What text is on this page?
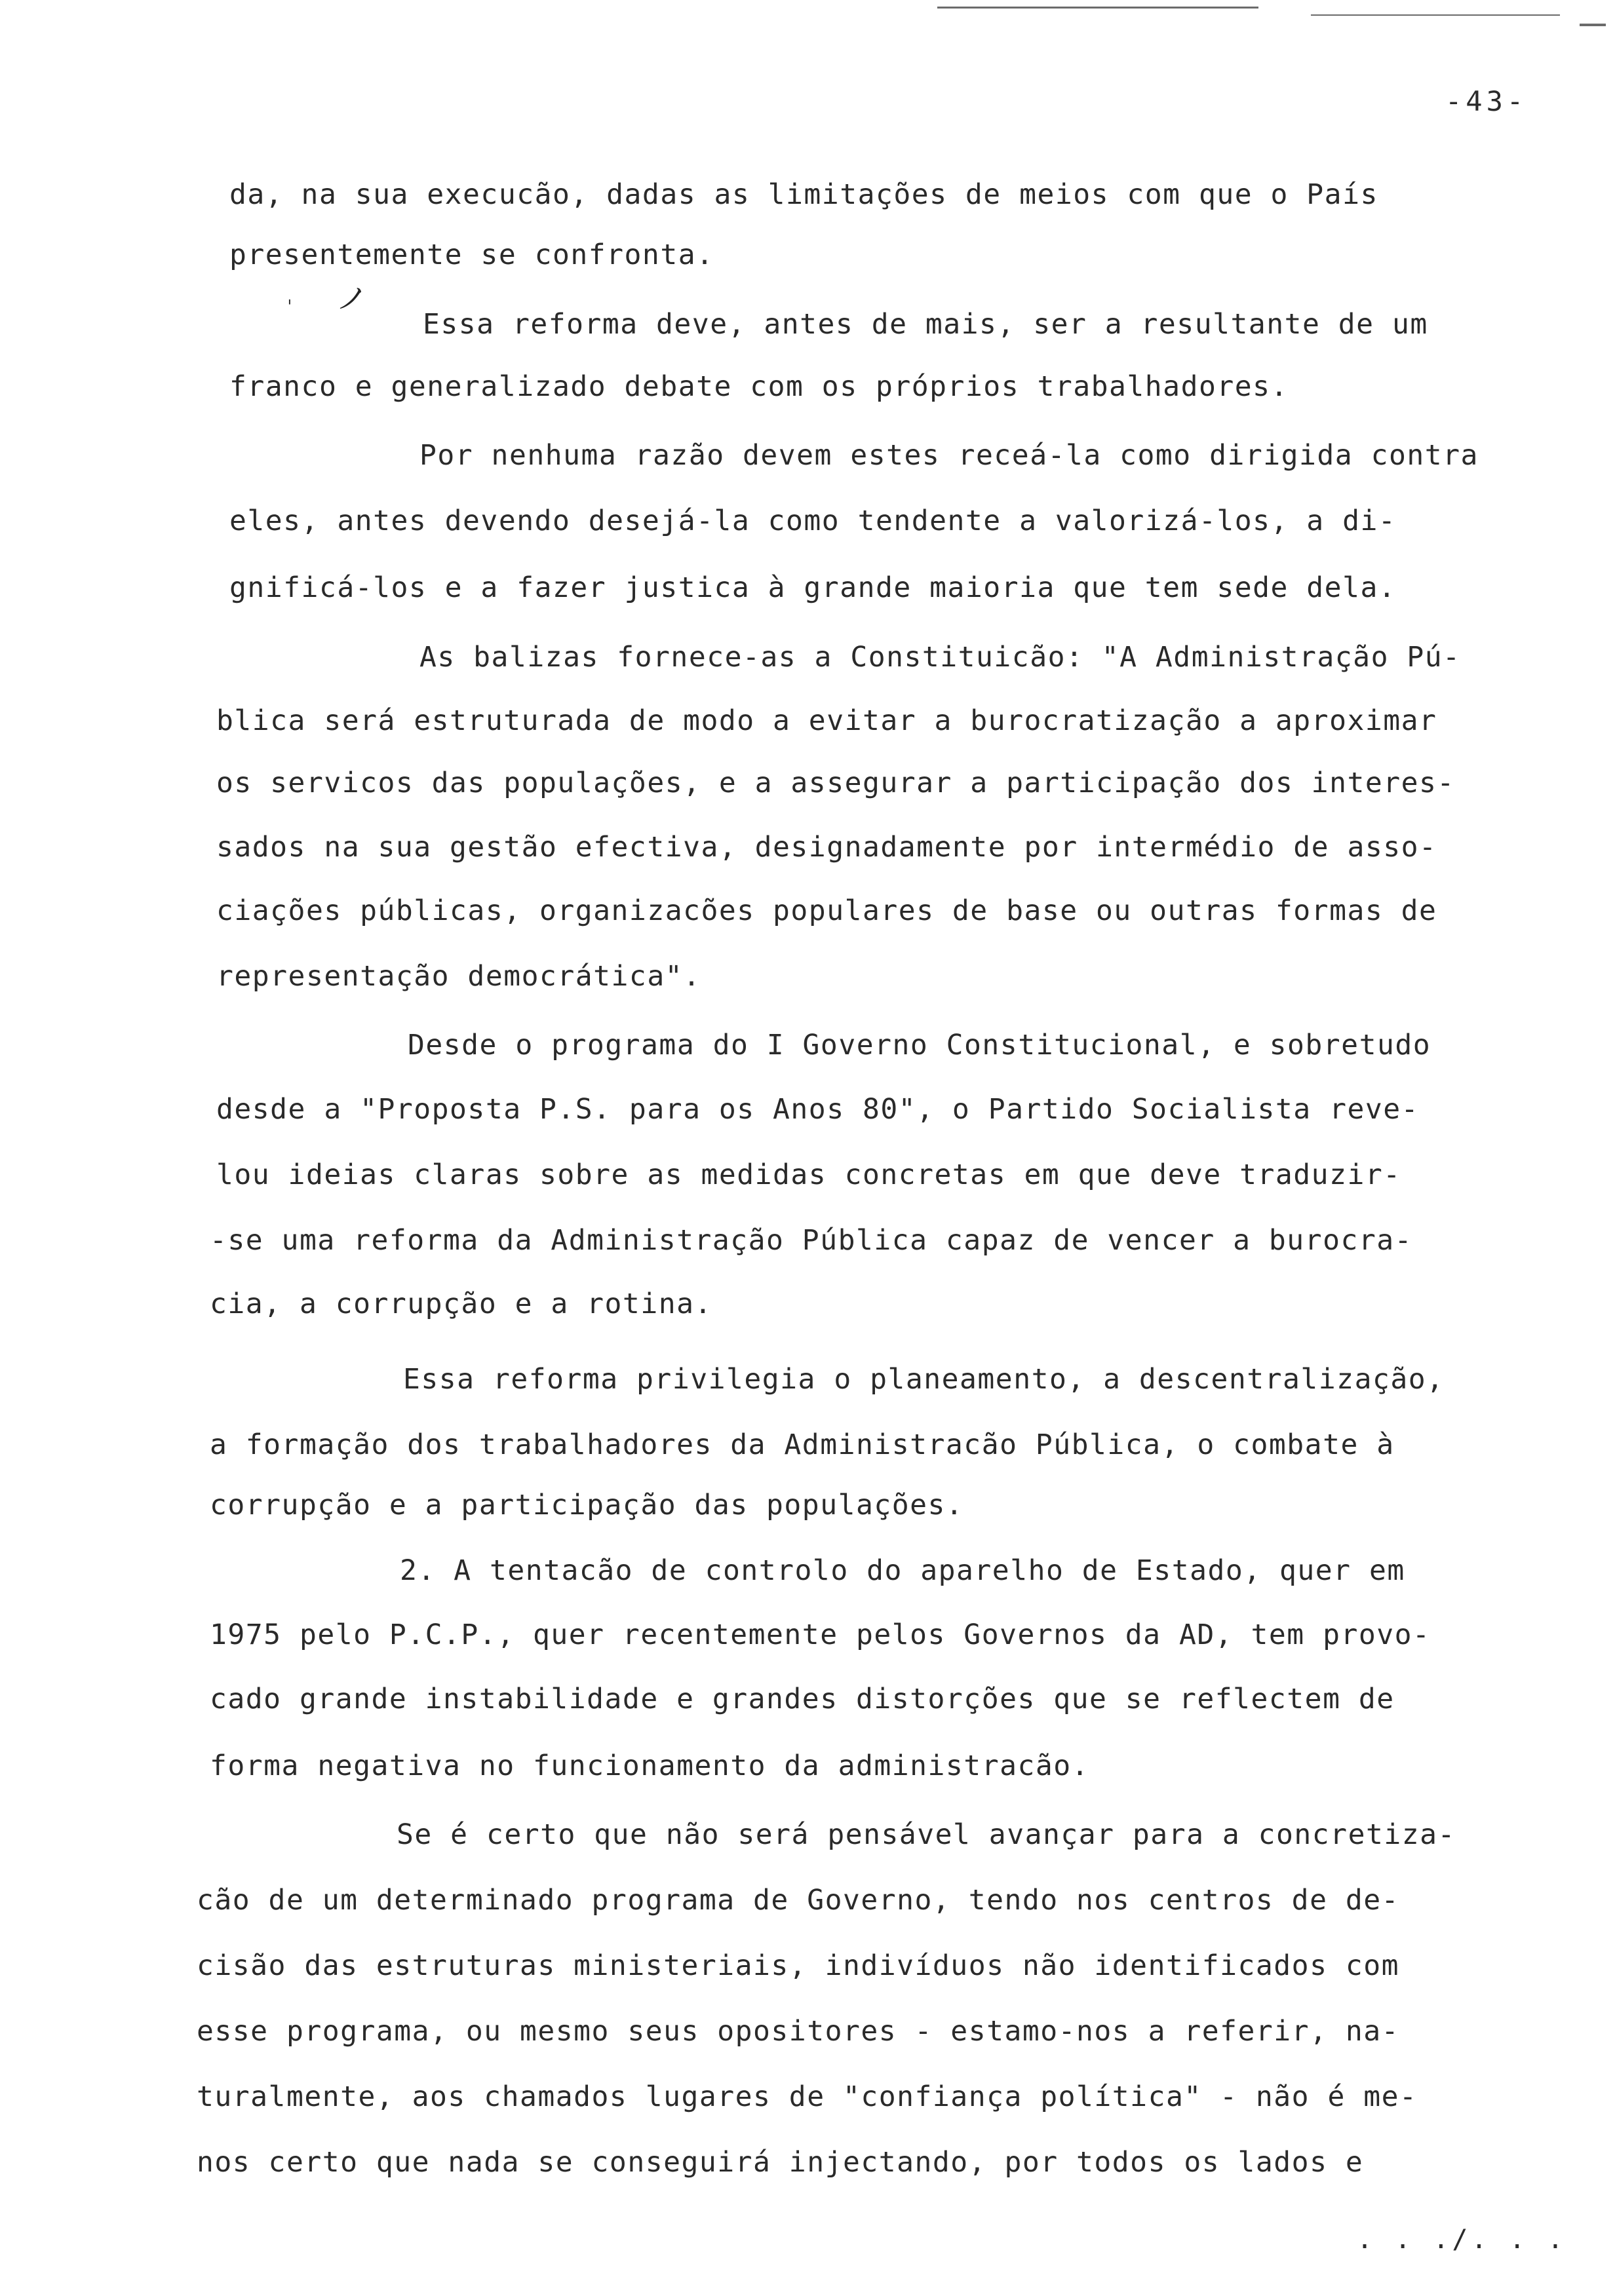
-43-
ﾉ
ˈ
da, na sua execucão, dadas as limitações de meios com que o País
presentemente se confronta.
Essa reforma deve, antes de mais, ser a resultante de um
franco e generalizado debate com os próprios trabalhadores.
Por nenhuma razão devem estes receá-la como dirigida contra
eles, antes devendo desejá-la como tendente a valorizá-los, a di-
gnificá-los e a fazer justica à grande maioria que tem sede dela.
As balizas fornece-as a Constituicão: "A Administração Pú-
blica será estruturada de modo a evitar a burocratização a aproximar
os servicos das populações, e a assegurar a participação dos interes-
sados na sua gestão efectiva, designadamente por intermédio de asso-
ciações públicas, organizacões populares de base ou outras formas de
representação democrática".
Desde o programa do I Governo Constitucional, e sobretudo
desde a "Proposta P.S. para os Anos 80", o Partido Socialista reve-
lou ideias claras sobre as medidas concretas em que deve traduzir-
-se uma reforma da Administração Pública capaz de vencer a burocra-
cia, a corrupção e a rotina.
Essa reforma privilegia o planeamento, a descentralização,
a formação dos trabalhadores da Administracão Pública, o combate à
corrupção e a participação das populações.
2. A tentacão de controlo do aparelho de Estado, quer em
1975 pelo P.C.P., quer recentemente pelos Governos da AD, tem provo-
cado grande instabilidade e grandes distorções que se reflectem de
forma negativa no funcionamento da administracão.
Se é certo que não será pensável avançar para a concretiza-
cão de um determinado programa de Governo, tendo nos centros de de-
cisão das estruturas ministeriais, indivíduos não identificados com
esse programa, ou mesmo seus opositores - estamo-nos a referir, na-
turalmente, aos chamados lugares de "confiança política" - não é me-
nos certo que nada se conseguirá injectando, por todos os lados e
. . ./. . .
